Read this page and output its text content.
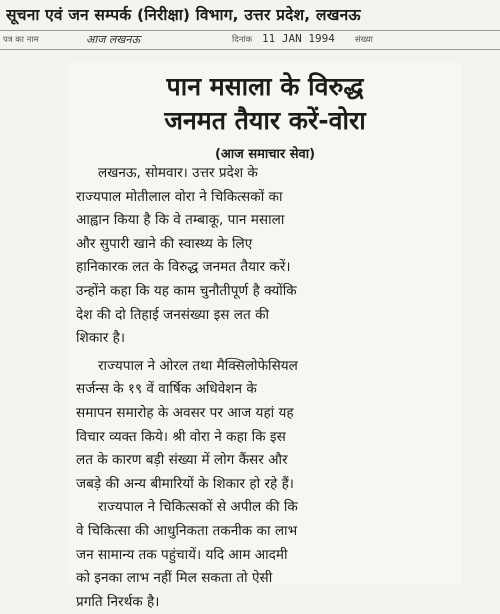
सूचना एवं जन सम्पर्क (निरीक्षा) विभाग, उत्तर प्रदेश, लखनऊ
पत्र का नाम	आज लखनऊ	दिनांक 11 JAN 1994 संख्या
पान मसाला के विरुद्ध
जनमत तैयार करें-वोरा
(आज समाचार सेवा)
लखनऊ, सोमवार। उत्तर प्रदेश के
राज्यपाल मोतीलाल वोरा ने चिकित्सकों का
आह्वान किया है कि वे तम्बाकू, पान मसाला
और सुपारी खाने की स्वास्थ्य के लिए
हानिकारक लत के विरुद्ध जनमत तैयार करें।
उन्होंने कहा कि यह काम चुनौतीपूर्ण है क्योंकि
देश की दो तिहाई जनसंख्या इस लत की
शिकार है।
राज्यपाल ने ओरल तथा मैक्सिलोफेसियल
सर्जन्स के १९ वें वार्षिक अधिवेशन के
समापन समारोह के अवसर पर आज यहां यह
विचार व्यक्त किये। श्री वोरा ने कहा कि इस
लत के कारण बड़ी संख्या में लोग कैंसर और
जबड़े की अन्य बीमारियों के शिकार हो रहे हैं।
राज्यपाल ने चिकित्सकों से अपील की कि
वे चिकित्सा की आधुनिकता तकनीक का लाभ
जन सामान्य तक पहुंचायें। यदि आम आदमी
को इनका लाभ नहीं मिल सकता तो ऐसी
प्रगति निरर्थक है।
